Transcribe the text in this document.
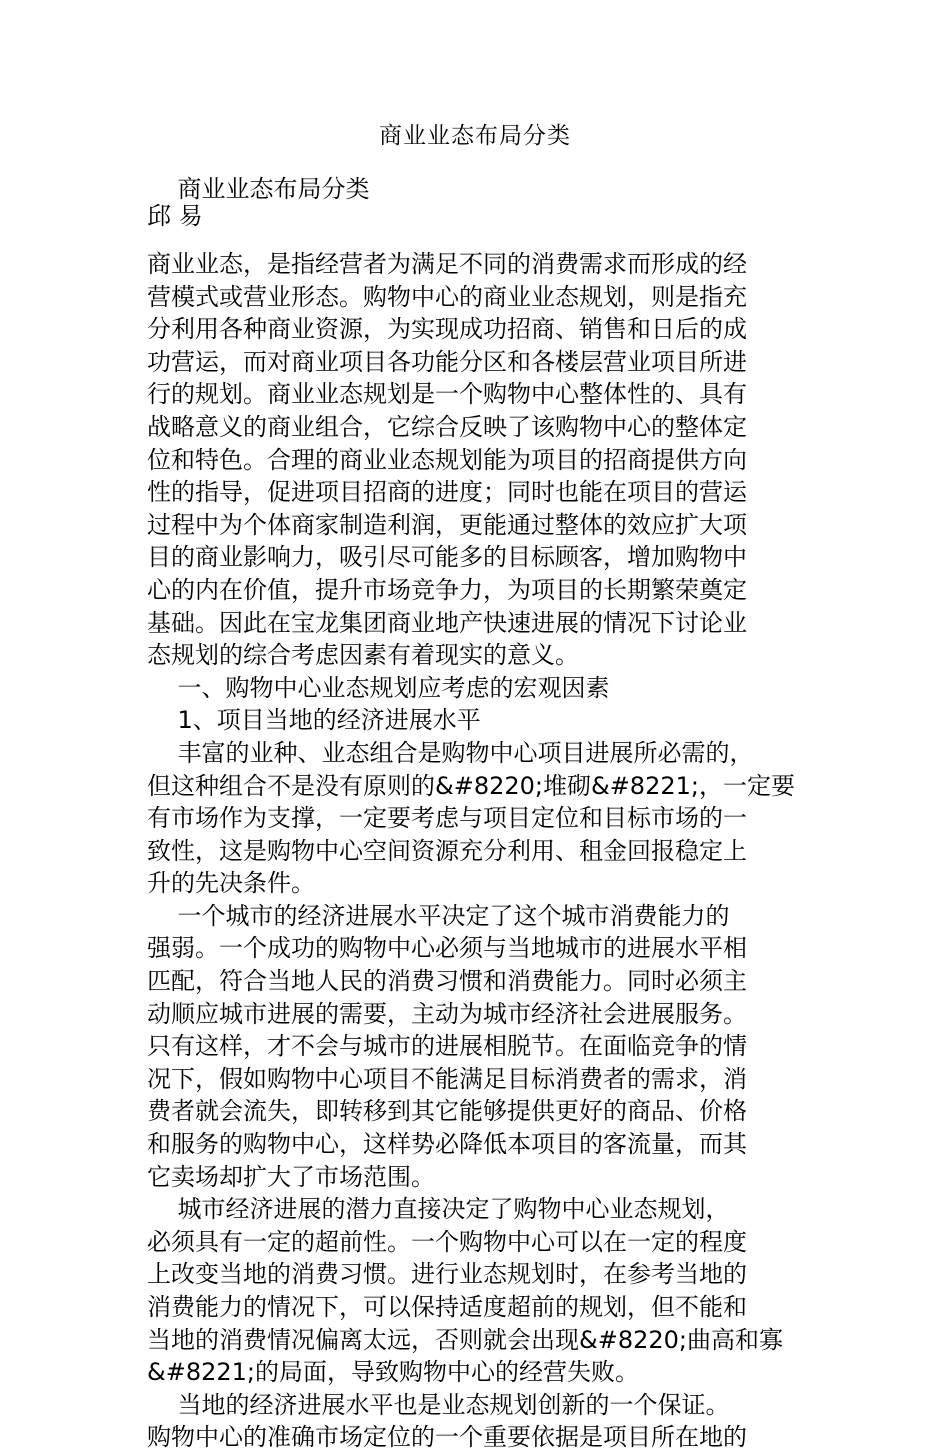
商业业态布局分类
商业业态布局分类
邱 易
商业业态，是指经营者为满足不同的消费需求而形成的经
营模式或营业形态。购物中心的商业业态规划，则是指充
分利用各种商业资源，为实现成功招商、销售和日后的成
功营运，而对商业项目各功能分区和各楼层营业项目所进
行的规划。商业业态规划是一个购物中心整体性的、具有
战略意义的商业组合，它综合反映了该购物中心的整体定
位和特色。合理的商业业态规划能为项目的招商提供方向
性的指导，促进项目招商的进度；同时也能在项目的营运
过程中为个体商家制造利润，更能通过整体的效应扩大项
目的商业影响力，吸引尽可能多的目标顾客，增加购物中
心的内在价值，提升市场竞争力，为项目的长期繁荣奠定
基础。因此在宝龙集团商业地产快速进展的情况下讨论业
态规划的综合考虑因素有着现实的意义。
一、购物中心业态规划应考虑的宏观因素
1、项目当地的经济进展水平
丰富的业种、业态组合是购物中心项目进展所必需的，
但这种组合不是没有原则的&#8220;堆砌&#8221;，一定要
有市场作为支撑，一定要考虑与项目定位和目标市场的一
致性，这是购物中心空间资源充分利用、租金回报稳定上
升的先决条件。
一个城市的经济进展水平决定了这个城市消费能力的
强弱。一个成功的购物中心必须与当地城市的进展水平相
匹配，符合当地人民的消费习惯和消费能力。同时必须主
动顺应城市进展的需要，主动为城市经济社会进展服务。
只有这样，才不会与城市的进展相脱节。在面临竞争的情
况下，假如购物中心项目不能满足目标消费者的需求，消
费者就会流失，即转移到其它能够提供更好的商品、价格
和服务的购物中心，这样势必降低本项目的客流量，而其
它卖场却扩大了市场范围。
城市经济进展的潜力直接决定了购物中心业态规划，
必须具有一定的超前性。一个购物中心可以在一定的程度
上改变当地的消费习惯。进行业态规划时，在参考当地的
消费能力的情况下，可以保持适度超前的规划，但不能和
当地的消费情况偏离太远，否则就会出现&#8220;曲高和寡
&#8221;的局面，导致购物中心的经营失败。
当地的经济进展水平也是业态规划创新的一个保证。
购物中心的准确市场定位的一个重要依据是项目所在地的
